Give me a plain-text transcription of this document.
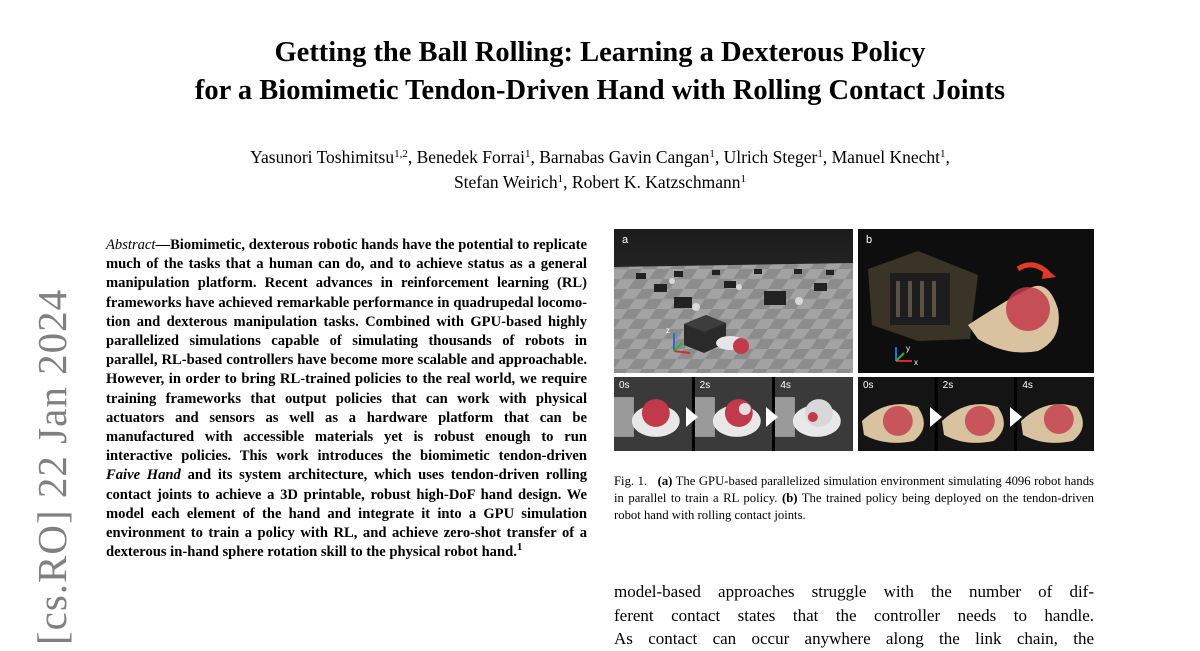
[cs.RO] 22 Jan 2024
Getting the Ball Rolling: Learning a Dexterous Policy
for a Biomimetic Tendon-Driven Hand with Rolling Contact Joints
Yasunori Toshimitsu$^{1,2}$, Benedek Forrai$^1$, Barnabas Gavin Cangan$^1$, Ulrich Steger$^1$, Manuel Knecht$^1$,
Stefan Weirich$^1$, Robert K. Katzschmann$^1$
Abstract—Biomimetic, dexterous robotic hands have the potential to replicate much of the tasks that a human can do, and to achieve status as a general manipulation platform. Recent advances in reinforcement learning (RL) frameworks have achieved remarkable performance in quadrupedal locomo-tion and dexterous manipulation tasks. Combined with GPU-based highly parallelized simulations capable of simulating thousands of robots in parallel, RL-based controllers have become more scalable and approachable. However, in order to bring RL-trained policies to the real world, we require training frameworks that output policies that can work with physical actuators and sensors as well as a hardware platform that can be manufactured with accessible materials yet is robust enough to run interactive policies. This work introduces the biomimetic tendon-driven Faive Hand and its system architecture, which uses tendon-driven rolling contact joints to achieve a 3D printable, robust high-DoF hand design. We model each element of the hand and integrate it into a GPU simulation environment to train a policy with RL, and achieve zero-shot transfer of a dexterous in-hand sphere rotation skill to the physical robot hand.$^1$
z
a
y
x
b
0s	2s	4s	0s	2s	4s
Fig. 1. (a) The GPU-based parallelized simulation environment simulating 4096 robot hands in parallel to train a RL policy. (b) The trained policy being deployed on the tendon-driven robot hand with rolling contact joints.
model-based approaches struggle with the number of dif-
ferent contact states that the controller needs to handle.
As contact can occur anywhere along the link chain, the
